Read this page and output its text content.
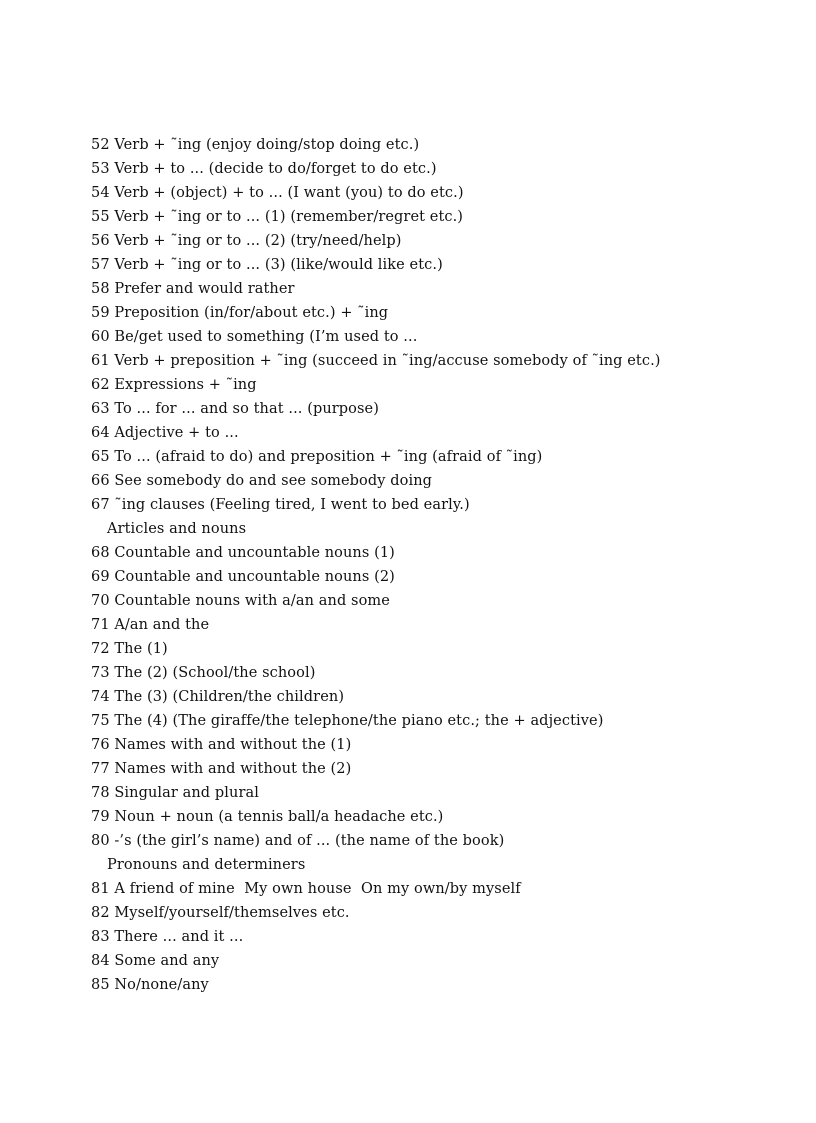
52 Verb + ˜ing (enjoy doing/stop doing etc.)
53 Verb + to ... (decide to do/forget to do etc.)
54 Verb + (object) + to ... (I want (you) to do etc.)
55 Verb + ˜ing or to ... (1) (remember/regret etc.)
56 Verb + ˜ing or to ... (2) (try/need/help)
57 Verb + ˜ing or to ... (3) (like/would like etc.)
58 Prefer and would rather
59 Preposition (in/for/about etc.) + ˜ing
60 Be/get used to something (I’m used to ...
61 Verb + preposition + ˜ing (succeed in ˜ing/accuse somebody of ˜ing etc.)
62 Expressions + ˜ing
63 To ... for ... and so that ... (purpose)
64 Adjective + to ...
65 To ... (afraid to do) and preposition + ˜ing (afraid of ˜ing)
66 See somebody do and see somebody doing
67 ˜ing clauses (Feeling tired, I went to bed early.)
Articles and nouns
68 Countable and uncountable nouns (1)
69 Countable and uncountable nouns (2)
70 Countable nouns with a/an and some
71 A/an and the
72 The (1)
73 The (2) (School/the school)
74 The (3) (Children/the children)
75 The (4) (The giraffe/the telephone/the piano etc.; the + adjective)
76 Names with and without the (1)
77 Names with and without the (2)
78 Singular and plural
79 Noun + noun (a tennis ball/a headache etc.)
80 -’s (the girl’s name) and of ... (the name of the book)
Pronouns and determiners
81 A friend of mine  My own house  On my own/by myself
82 Myself/yourself/themselves etc.
83 There ... and it ...
84 Some and any
85 No/none/any
